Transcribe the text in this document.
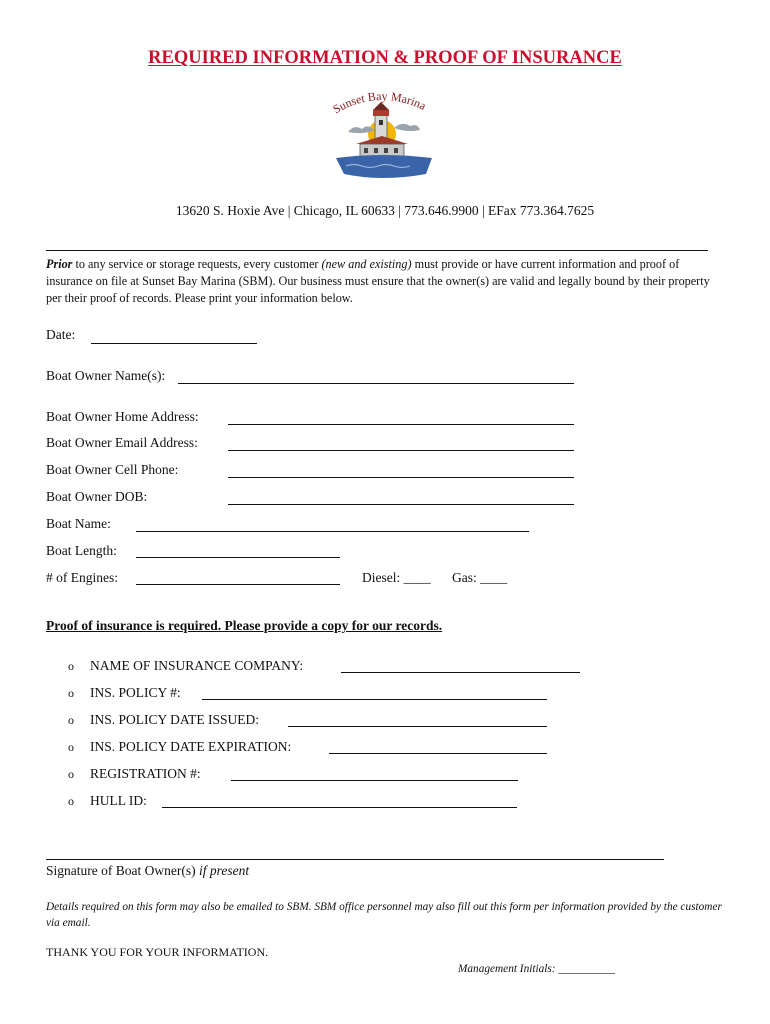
REQUIRED INFORMATION & PROOF OF INSURANCE
Sunset Bay Marina
13620 S. Hoxie Ave | Chicago, IL 60633 | 773.646.9900 | EFax 773.364.7625
Prior to any service or storage requests, every customer (new and existing) must provide or have current information and proof of insurance on file at Sunset Bay Marina (SBM). Our business must ensure that the owner(s) are valid and legally bound by their property per their proof of records. Please print your information below.
Date:
Boat Owner Name(s):
Boat Owner Home Address:
Boat Owner Email Address:
Boat Owner Cell Phone:
Boat Owner DOB:
Boat Name:
Boat Length:
# of Engines:	Diesel: ____ Gas: ____
Proof of insurance is required. Please provide a copy for our records.
o NAME OF INSURANCE COMPANY:
o INS. POLICY #:
o INS. POLICY DATE ISSUED:
o INS. POLICY DATE EXPIRATION:
o REGISTRATION #:
o HULL ID:
Signature of Boat Owner(s) if present
Details required on this form may also be emailed to SBM. SBM office personnel may also fill out this form per information provided by the customer via email.
THANK YOU FOR YOUR INFORMATION.
Management Initials: __________
